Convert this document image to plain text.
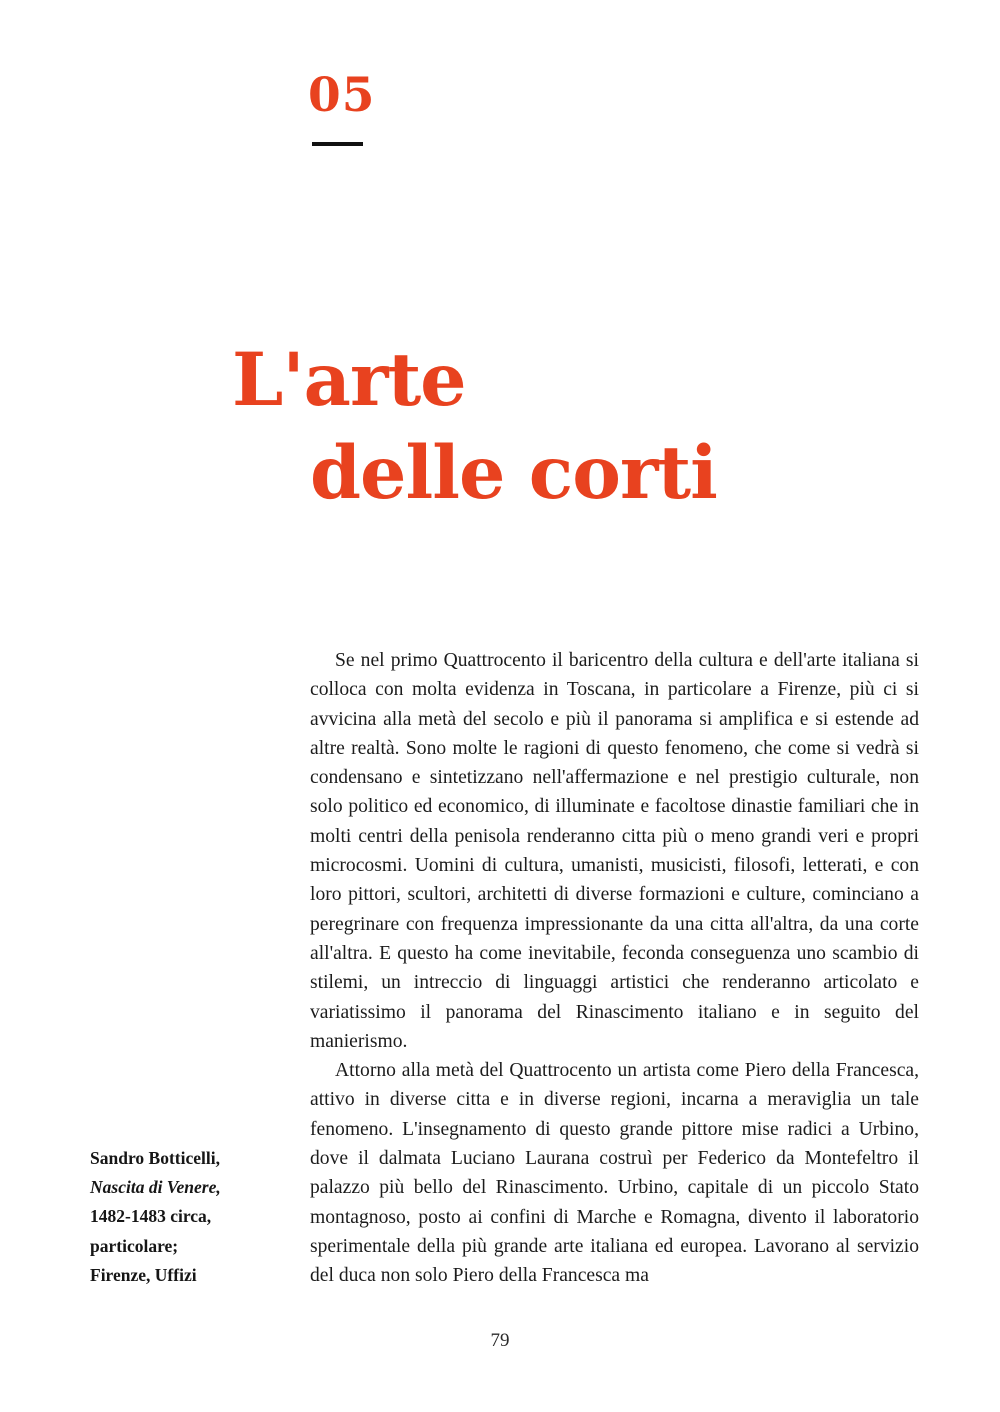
05
L'arte
delle corti
Sandro Botticelli,
Nascita di Venere,
1482-1483 circa,
particolare;
Firenze, Uffizi

Se nel primo Quattrocento il baricentro della cultura e dell'arte italiana si colloca con molta evidenza in Toscana, in particolare a Firenze, più ci si avvicina alla metà del secolo e più il panorama si amplifica e si estende ad altre realtà. Sono molte le ragioni di questo fenomeno, che come si vedrà si condensano e sintetizzano nell'affermazione e nel prestigio culturale, non solo politico ed economico, di illuminate e facoltose dinastie familiari che in molti centri della penisola renderanno citta più o meno grandi veri e propri microcosmi. Uomini di cultura, umanisti, musicisti, filosofi, letterati, e con loro pittori, scultori, architetti di diverse formazioni e culture, cominciano a peregrinare con frequenza impressionante da una citta all'altra, da una corte all'altra. E questo ha come inevitabile, feconda conseguenza uno scambio di stilemi, un intreccio di linguaggi artistici che renderanno articolato e variatissimo il panorama del Rinascimento italiano e in seguito del manierismo.

Attorno alla metà del Quattrocento un artista come Piero della Francesca, attivo in diverse citta e in diverse regioni, incarna a meraviglia un tale fenomeno. L'insegnamento di questo grande pittore mise radici a Urbino, dove il dalmata Luciano Laurana costruì per Federico da Montefeltro il palazzo più bello del Rinascimento. Urbino, capitale di un piccolo Stato montagnoso, posto ai confini di Marche e Romagna, divento il laboratorio sperimentale della più grande arte italiana ed europea. Lavorano al servizio del duca non solo Piero della Francesca ma

79
